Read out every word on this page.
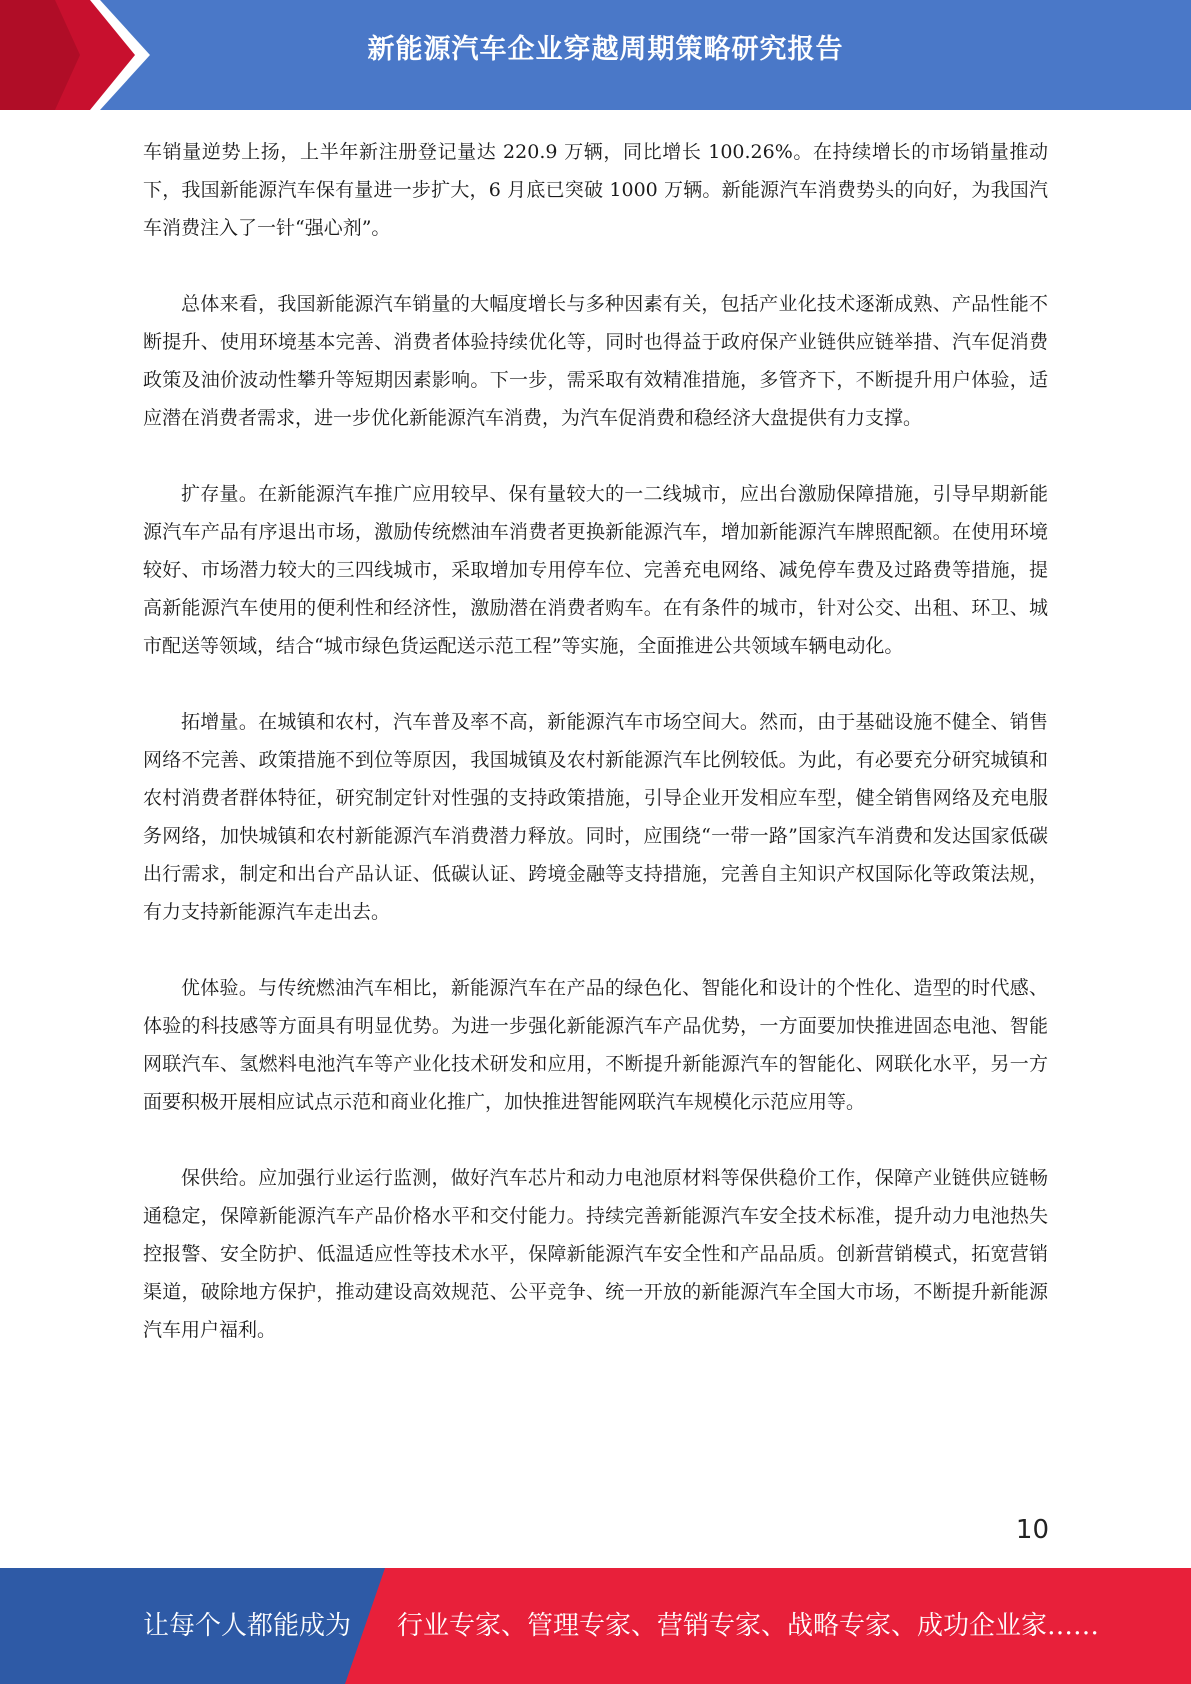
新能源汽车企业穿越周期策略研究报告

车销量逆势上扬，上半年新注册登记量达 220.9 万辆，同比增长 100.26%。在持续增长的市场销量推动下，我国新能源汽车保有量进一步扩大，6 月底已突破 1000 万辆。新能源汽车消费势头的向好，为我国汽车消费注入了一针“强心剂”。

总体来看，我国新能源汽车销量的大幅度增长与多种因素有关，包括产业化技术逐渐成熟、产品性能不断提升、使用环境基本完善、消费者体验持续优化等，同时也得益于政府保产业链供应链举措、汽车促消费政策及油价波动性攀升等短期因素影响。下一步，需采取有效精准措施，多管齐下，不断提升用户体验，适应潜在消费者需求，进一步优化新能源汽车消费，为汽车促消费和稳经济大盘提供有力支撑。

扩存量。在新能源汽车推广应用较早、保有量较大的一二线城市，应出台激励保障措施，引导早期新能源汽车产品有序退出市场，激励传统燃油车消费者更换新能源汽车，增加新能源汽车牌照配额。在使用环境较好、市场潜力较大的三四线城市，采取增加专用停车位、完善充电网络、减免停车费及过路费等措施，提高新能源汽车使用的便利性和经济性，激励潜在消费者购车。在有条件的城市，针对公交、出租、环卫、城市配送等领域，结合“城市绿色货运配送示范工程”等实施，全面推进公共领域车辆电动化。

拓增量。在城镇和农村，汽车普及率不高，新能源汽车市场空间大。然而，由于基础设施不健全、销售网络不完善、政策措施不到位等原因，我国城镇及农村新能源汽车比例较低。为此，有必要充分研究城镇和农村消费者群体特征，研究制定针对性强的支持政策措施，引导企业开发相应车型，健全销售网络及充电服务网络，加快城镇和农村新能源汽车消费潜力释放。同时，应围绕“一带一路”国家汽车消费和发达国家低碳出行需求，制定和出台产品认证、低碳认证、跨境金融等支持措施，完善自主知识产权国际化等政策法规，有力支持新能源汽车走出去。

优体验。与传统燃油汽车相比，新能源汽车在产品的绿色化、智能化和设计的个性化、造型的时代感、体验的科技感等方面具有明显优势。为进一步强化新能源汽车产品优势，一方面要加快推进固态电池、智能网联汽车、氢燃料电池汽车等产业化技术研发和应用，不断提升新能源汽车的智能化、网联化水平，另一方面要积极开展相应试点示范和商业化推广，加快推进智能网联汽车规模化示范应用等。

保供给。应加强行业运行监测，做好汽车芯片和动力电池原材料等保供稳价工作，保障产业链供应链畅通稳定，保障新能源汽车产品价格水平和交付能力。持续完善新能源汽车安全技术标准，提升动力电池热失控报警、安全防护、低温适应性等技术水平，保障新能源汽车安全性和产品品质。创新营销模式，拓宽营销渠道，破除地方保护，推动建设高效规范、公平竞争、统一开放的新能源汽车全国大市场，不断提升新能源汽车用户福利。

10
让每个人都能成为 行业专家、管理专家、营销专家、战略专家、成功企业家……
